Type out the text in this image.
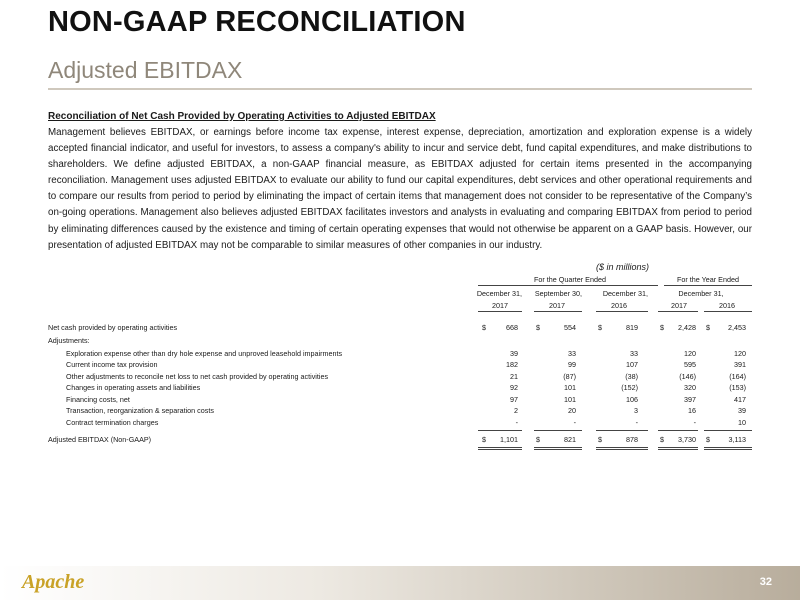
NON-GAAP RECONCILIATION
Adjusted EBITDAX
Reconciliation of Net Cash Provided by Operating Activities to Adjusted EBITDAX
Management believes EBITDAX, or earnings before income tax expense, interest expense, depreciation, amortization and exploration expense is a widely accepted financial indicator, and useful for investors, to assess a company's ability to incur and service debt, fund capital expenditures, and make distributions to shareholders. We define adjusted EBITDAX, a non-GAAP financial measure, as EBITDAX adjusted for certain items presented in the accompanying reconciliation. Management uses adjusted EBITDAX to evaluate our ability to fund our capital expenditures, debt services and other operational requirements and to compare our results from period to period by eliminating the impact of certain items that management does not consider to be representative of the Company’s on-going operations. Management also believes adjusted EBITDAX facilitates investors and analysts in evaluating and comparing EBITDAX from period to period by eliminating differences caused by the existence and timing of certain operating expenses that would not otherwise be apparent on a GAAP basis. However, our presentation of adjusted EBITDAX may not be comparable to similar measures of other companies in our industry.
($ in millions)
For the Quarter Ended	For the Year Ended
December 31,	September 30,	December 31,	December 31,
2017	2017	2016	2017	2016
Net cash provided by operating activities	$	668	$	554	$	819	$	2,428 $	2,453
Adjustments:
Exploration expense other than dry hole expense and unproved leasehold impairments	39	33	33	120	120
Current income tax provision	182	99	107	595	391
Other adjustments to reconcile net loss to net cash provided by operating activities	21	(87)	(38)	(146)	(164)
Changes in operating assets and liabilities	92	101	(152)	320	(153)
Financing costs, net	97	101	106	397	417
Transaction, reorganization & separation costs	2	20	3	16	39
Contract termination charges	-	-	-	-	10
Adjusted EBITDAX (Non-GAAP)	$	1,101	$	821	$	878	$	3,730 $	3,113
Apache	32
